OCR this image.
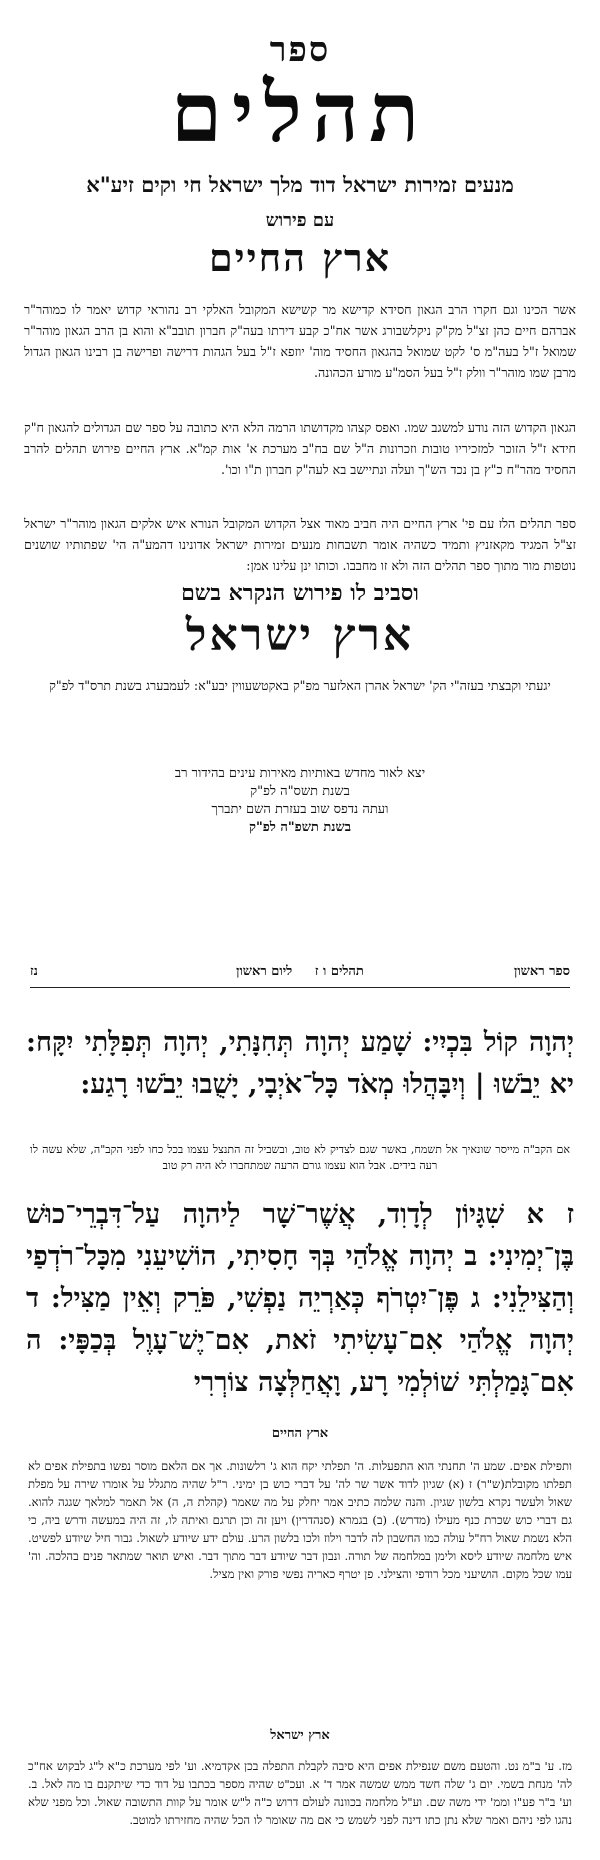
ספר
תהלים
מנעים זמירות ישראל דוד מלך ישראל חי וקים זיע"א
עם פירוש
ארץ החיים

אשר הכינו וגם חקרו הרב הגאון חסידא קדישא מר קשישא המקובל האלקי רב נהוראי קדוש יאמר לו כמוהר"ר אברהם חיים כהן זצ"ל מק"ק ניקלשבורג אשר אח"כ קבע דירתו בעה"ק חברון תובב"א והוא בן הרב הגאון מוהר"ר שמואל ז"ל בעה"מ ס' לקט שמואל בהגאון החסיד מוה' יוזפא ז"ל בעל הגהות דרישה ופרישה בן רבינו הגאון הגדול מרבן שמו מוהר"ר וולק ז"ל בעל הסמ"ע מורע הכהונה.

הגאון הקדוש הזה נודע למשגב שמו. ואפס קצהו מקדושתו הרמה הלא היא כתובה על ספר שם הגדולים להגאון ח"ק חידא ז"ל הזוכר למזכיריו טובות וזכרונות ה"ל שם בח"ב מערכת א' אות קמ"א. ארץ החיים פירוש תהלים להרב החסיד מהר"ח כ"ץ בן נכד הש"ך ועלה ונתיישב בא לעה"ק חברון ת"ו וכו'.

ספר תהלים הלז עם פי' ארץ החיים היה חביב מאוד אצל הקדוש המקובל הנורא איש אלקים הגאון מוהר"ר ישראל זצ"ל המגיד מקאזניץ ותמיד כשהיה אומר תשבחות מנעים זמירות ישראל אדונינו דהמע"ה הי' שפתותיו שושנים נוטפות מור מתוך ספר תהלים הזה ולא זו מחבבו. וכותו ינן עלינו אמן:

וסביב לו פירוש הנקרא בשם
ארץ ישראל
יגעתי וקבצתי בעזה"י הק' ישראל אהרן האלזער מפ"ק באקטשעווין יבע"א: לעמבערג בשנת תרס"ד לפ"ק
יצא לאור מחדש באותיות מאירות עינים בהידור רב
בשנת תשס"ה לפ"ק
ועתה נדפס שוב בעזרת השם יתברך
בשנת תשפ"ה לפ"ק
ספר ראשון
תהלים ו ז     ליום ראשון
נז

יְהוָה קוֹל בִּכְיִי: שָׁמַע יְהוָה תְּחִנָּתִי, יְהוָה תְּפִלָּתִי יִקָּח: יא יֵבֹשׁוּ | וְיִבָּהֲלוּ מְאֹד כָּל־אֹיְבָי, יָשֻׁבוּ יֵבֹשׁוּ רָגַע:

אם הקב"ה מייסר שונאיך אל תשמח, באשר שגם לצדיק לא טוב, ובשביל זה התנצל עצמו בכל כחו לפני הקב"ה, שלא עשה לו רעה בידים. אבל הוא עצמו גורם הרעה שמתחברו לא היה רק טוב

ז א שִׁגָּיוֹן לְדָוִד, אֲשֶׁר־שָׁר לַיהוָה עַל־דִּבְרֵי־כוּשׁ בֶּן־יְמִינִי: ב יְהוָה אֱלֹהַי בְּךָ חָסִיתִי, הוֹשִׁיעֵנִי מִכָּל־רֹדְפַי וְהַצִּילֵנִי: ג פֶּן־יִטְרֹף כְּאַרְיֵה נַפְשִׁי, פֹּרֵק וְאֵין מַצִּיל: ד יְהוָה אֱלֹהַי אִם־עָשִׂיתִי זֹאת, אִם־יֶשׁ־עָוֶל בְּכַפָּי: ה אִם־גָּמַלְתִּי שׁוֹלְמִי רָע, וָאֲחַלְּצָה צוֹרְרִי

ארץ החיים

ותפילת אפים. שמע ה' תחנתי הוא התפעלות. ה' תפלתי יקח הוא ג' רלשונות. אך אם הלאם מוסר נפשו בתפילת אפים לא תפלתו מקובלת(ש"ר) ז (א) שגיון לדוד אשר שר לה' על דברי כוש בן ימיני. ר"ל שהיה מתגלל על אומרו שירה על מפלת שאול ולעשר נקרא בלשון שגיון. והנה שלמה כתיב אמר יחלק על מה שאמר (קהלת ה, ה) אל תאמר למלאך שגגה להוא. גם דברי כוש שכרת כנף מעילו (מדרש). (ב) בגמרא (סנהדרין) ויען זה וכן תרגם ואיתה לו, זה היה במעשה ודרש ביה, כי הלא נשמת שאול רח"ל עולה כמו החשבון לה לדבר וילוז ולכו בלשון הרע. עולם ידע שיודע לשאול. גבור חיל שיודע לפשיט. איש מלחמה שיודע ליסא ולימן במלחמה של תורה. ונבון דבר שיודע דבר מתוך דבר. ואיש תואר שמתאר פנים בהלכה. וה' עמו שכל מקום. הושיעני מכל רודפי והצילני. פן יטרף כאריה נפשי פורק ואין מציל.

ארץ ישראל

מז. ע' ב"מ נט. והטעם משם שנפילת אפים היא סיבה לקבלת התפלה בכן אקדמיא. וע' לפי מערכת כ"א ל"ג לבקוש אח"כ לה' מנחת בשמי. יום ג' שלה חשד ממש שמשה אמר ד' א. ועכ"ט שהיה מספר בכתבו על דוד כדי שיתקנם בו מה לאל. ב. וע' ב"ר פע"ו וממ' ידי משה שם. וע"ל מלחמה בכוונה לעולם דרוש כ"ה ל"ש אומר על קוות התשובה שאול. וכל מפני שלא נהגו לפי ניהם ואמר שלא נתן כתו דינה לפני לשמש כי אם מה שאומר לו הכל שהיה מחזירתו למוטב.
